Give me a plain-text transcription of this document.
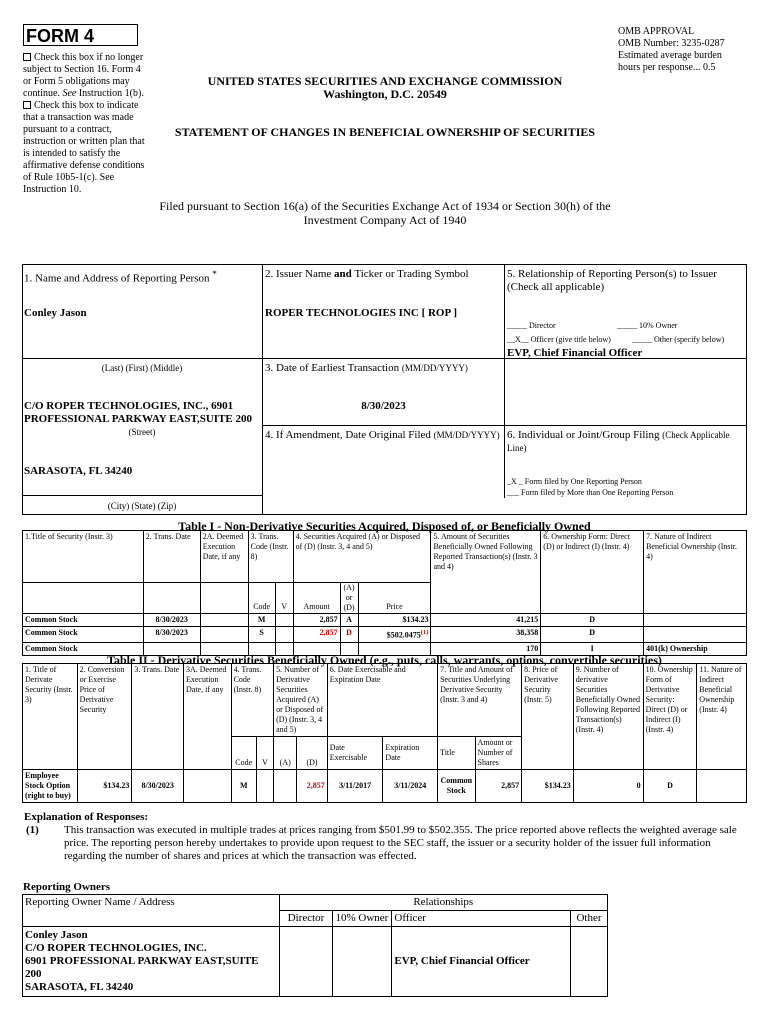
FORM 4
Check this box if no longer subject to Section 16. Form 4 or Form 5 obligations may continue. See Instruction 1(b).
Check this box to indicate that a transaction was made pursuant to a contract, instruction or written plan that is intended to satisfy the affirmative defense conditions of Rule 10b5-1(c). See Instruction 10.
UNITED STATES SECURITIES AND EXCHANGE COMMISSION
Washington, D.C. 20549
STATEMENT OF CHANGES IN BENEFICIAL OWNERSHIP OF SECURITIES
OMB APPROVAL
OMB Number: 3235-0287
Estimated average burden
hours per response... 0.5
Filed pursuant to Section 16(a) of the Securities Exchange Act of 1934 or Section 30(h) of the
Investment Company Act of 1940
1. Name and Address of Reporting Person *
Conley Jason
(Last) (First) (Middle)
C/O ROPER TECHNOLOGIES, INC., 6901 PROFESSIONAL PARKWAY EAST,SUITE 200
(Street)
SARASOTA, FL 34240
(City) (State) (Zip)
2. Issuer Name and Ticker or Trading Symbol
ROPER TECHNOLOGIES INC [ ROP ]
3. Date of Earliest Transaction (MM/DD/YYYY)
8/30/2023
4. If Amendment, Date Original Filed (MM/DD/YYYY)
5. Relationship of Reporting Person(s) to Issuer
(Check all applicable)
_____ Director	_____ 10% Owner
__X__ Officer (give title below)	_____ Other (specify below)
EVP, Chief Financial Officer
6. Individual or Joint/Group Filing (Check Applicable Line)
_X _ Form filed by One Reporting Person
___ Form filed by More than One Reporting Person
Table I - Non-Derivative Securities Acquired, Disposed of, or Beneficially Owned
1.Title of Security (Instr. 3)	2. Trans. Date	2A. Deemed Execution Date, if any	3. Trans. Code (Instr. 8)		4. Securities Acquired (A) or Disposed of (D) (Instr. 3, 4 and 5)			5. Amount of Securities Beneficially Owned Following Reported Transaction(s) (Instr. 3 and 4)	6. Ownership Form: Direct (D) or Indirect (I) (Instr. 4)	7. Nature of Indirect Beneficial Ownership (Instr. 4)
			Code	V	Amount	(A) or (D)	Price			
Common Stock	8/30/2023		M		2,857	A	$134.23	41,215	D	
Common Stock	8/30/2023		S		2,857	D	$502.0475$^{(1)}$	38,358	D	
Common Stock								170	I	401(k) Ownership
Table II - Derivative Securities Beneficially Owned (e.g., puts, calls, warrants, options, convertible securities)
1. Title of Derivate Security (Instr. 3)	2. Conversion or Exercise Price of Derivative Security	3. Trans. Date	3A. Deemed Execution Date, if any	4. Trans. Code (Instr. 8)		5. Number of Derivative Securities Acquired (A) or Disposed of (D) (Instr. 3, 4 and 5)		6. Date Exercisable and Expiration Date		7. Title and Amount of Securities Underlying Derivative Security (Instr. 3 and 4)		8. Price of Derivative Security (Instr. 5)	9. Number of derivative Securities Beneficially Owned Following Reported Transaction(s) (Instr. 4)	10. Ownership Form of Derivative Security: Direct (D) or Indirect (I) (Instr. 4)	11. Nature of Indirect Beneficial Ownership (Instr. 4)
				Code	V	(A)	(D)	Date Exercisable	Expiration Date	Title	Amount or Number of Shares				
Employee Stock Option (right to buy)	$134.23	8/30/2023		M			2,857	3/11/2017	3/11/2024	Common Stock	2,857	$134.23	0	D	
Explanation of Responses:
(1) This transaction was executed in multiple trades at prices ranging from $501.99 to $502.355. The price reported above reflects the weighted average sale price. The reporting person hereby undertakes to provide upon request to the SEC staff, the issuer or a security holder of the issuer full information regarding the number of shares and prices at which the transaction was effected.
Reporting Owners
Reporting Owner Name / Address	Relationships			
	Director	10% Owner	Officer	Other

Conley Jason
C/O ROPER TECHNOLOGIES, INC.
6901 PROFESSIONAL PARKWAY EAST,SUITE 200
SARASOTA, FL 34240			EVP, Chief Financial Officer	
